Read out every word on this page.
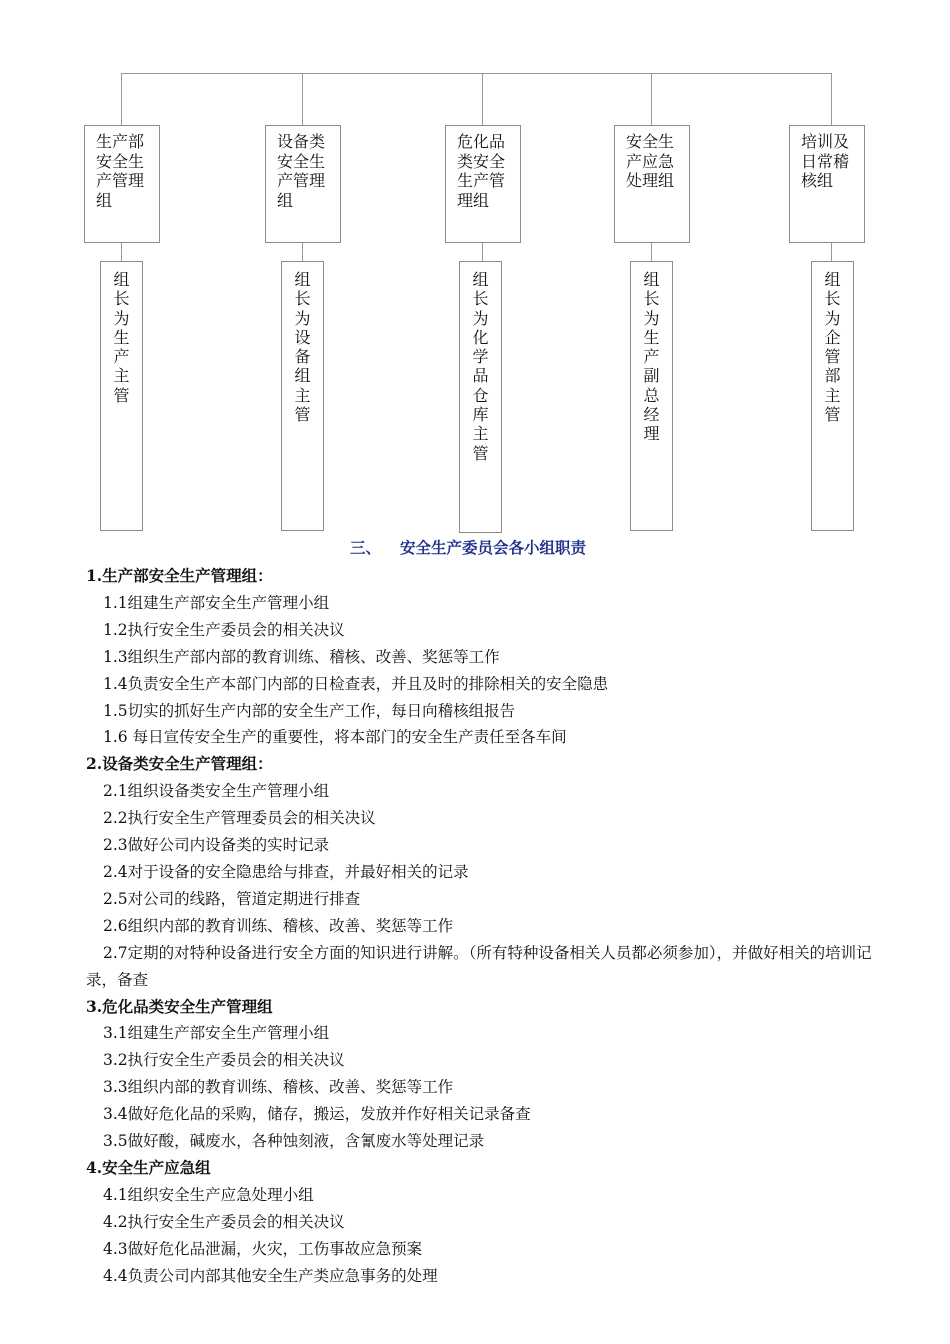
生产部安全生产管理组
设备类安全生产管理组
危化品类安全生产管理组
安全生产应急处理组
培训及日常稽核组
组长为生产主管
组长为设备组主管
组长为化学品仓库主管
组长为生产副总经理
组长为企管部主管
三、 安全生产委员会各小组职责
1.生产部安全生产管理组：
1.1组建生产部安全生产管理小组
1.2执行安全生产委员会的相关决议
1.3组织生产部内部的教育训练、稽核、改善、奖惩等工作
1.4负责安全生产本部门内部的日检查表，并且及时的排除相关的安全隐患
1.5切实的抓好生产内部的安全生产工作，每日向稽核组报告
1.6 每日宣传安全生产的重要性，将本部门的安全生产责任至各车间
2.设备类安全生产管理组：
2.1组织设备类安全生产管理小组
2.2执行安全生产管理委员会的相关决议
2.3做好公司内设备类的实时记录
2.4对于设备的安全隐患给与排查，并最好相关的记录
2.5对公司的线路，管道定期进行排查
2.6组织内部的教育训练、稽核、改善、奖惩等工作
2.7定期的对特种设备进行安全方面的知识进行讲解。（所有特种设备相关人员都必须参加），并做好相关的培训记录，备查
3.危化品类安全生产管理组
3.1组建生产部安全生产管理小组
3.2执行安全生产委员会的相关决议
3.3组织内部的教育训练、稽核、改善、奖惩等工作
3.4做好危化品的采购，储存，搬运，发放并作好相关记录备查
3.5做好酸，碱废水，各种蚀刻液，含氰废水等处理记录
4.安全生产应急组
4.1组织安全生产应急处理小组
4.2执行安全生产委员会的相关决议
4.3做好危化品泄漏，火灾，工伤事故应急预案
4.4负责公司内部其他安全生产类应急事务的处理
